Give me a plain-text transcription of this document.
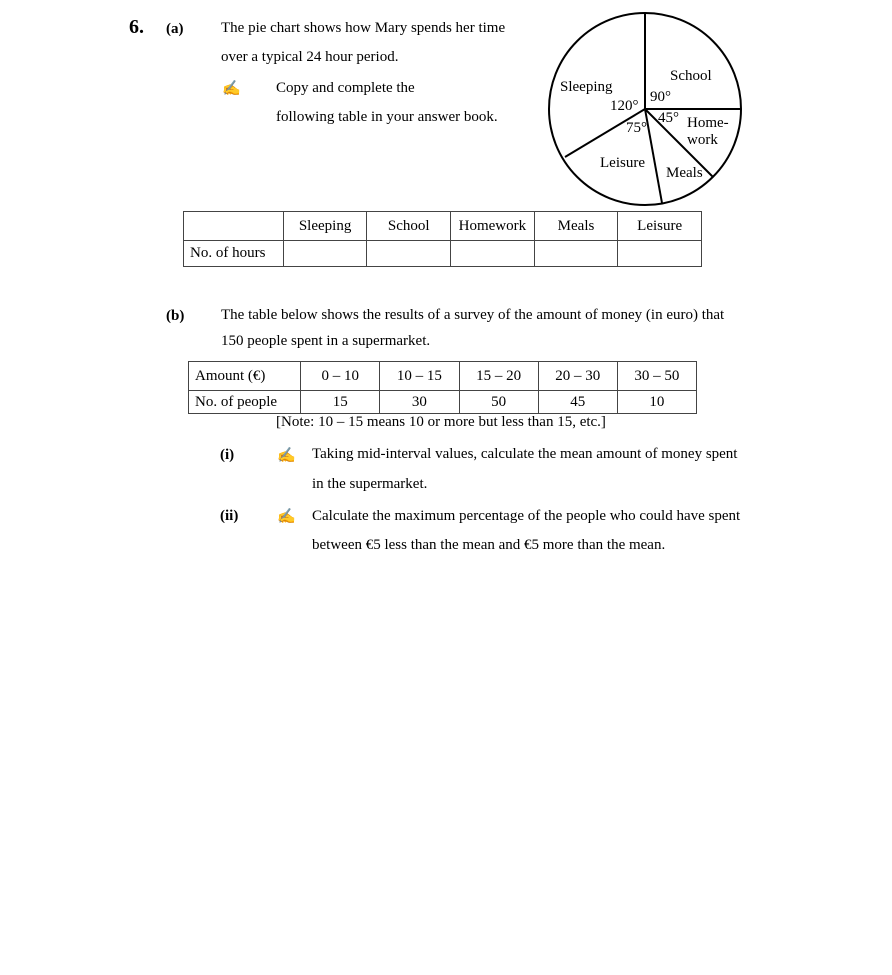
6. (a)	The pie chart shows how Mary spends her time
over a typical 24 hour period.
✍ Copy and complete the
following table in your answer book.
Sleeping
School
Home-
work
Meals
Leisure
120°
90°
45°
75°
	Sleeping	School	Homework	Meals	Leisure
No. of hours					
(b) The table below shows the results of a survey of the amount of money (in euro) that
150 people spent in a supermarket.
Amount (€)	0 – 10	10 – 15	15 – 20	20 – 30	30 – 50
No. of people	15	30	50	45	10
[Note: 10 – 15 means 10 or more but less than 15, etc.]
(i)	✍ Taking mid-interval values, calculate the mean amount of money spent
in the supermarket.
(ii)	✍ Calculate the maximum percentage of the people who could have spent
between €5 less than the mean and €5 more than the mean.
